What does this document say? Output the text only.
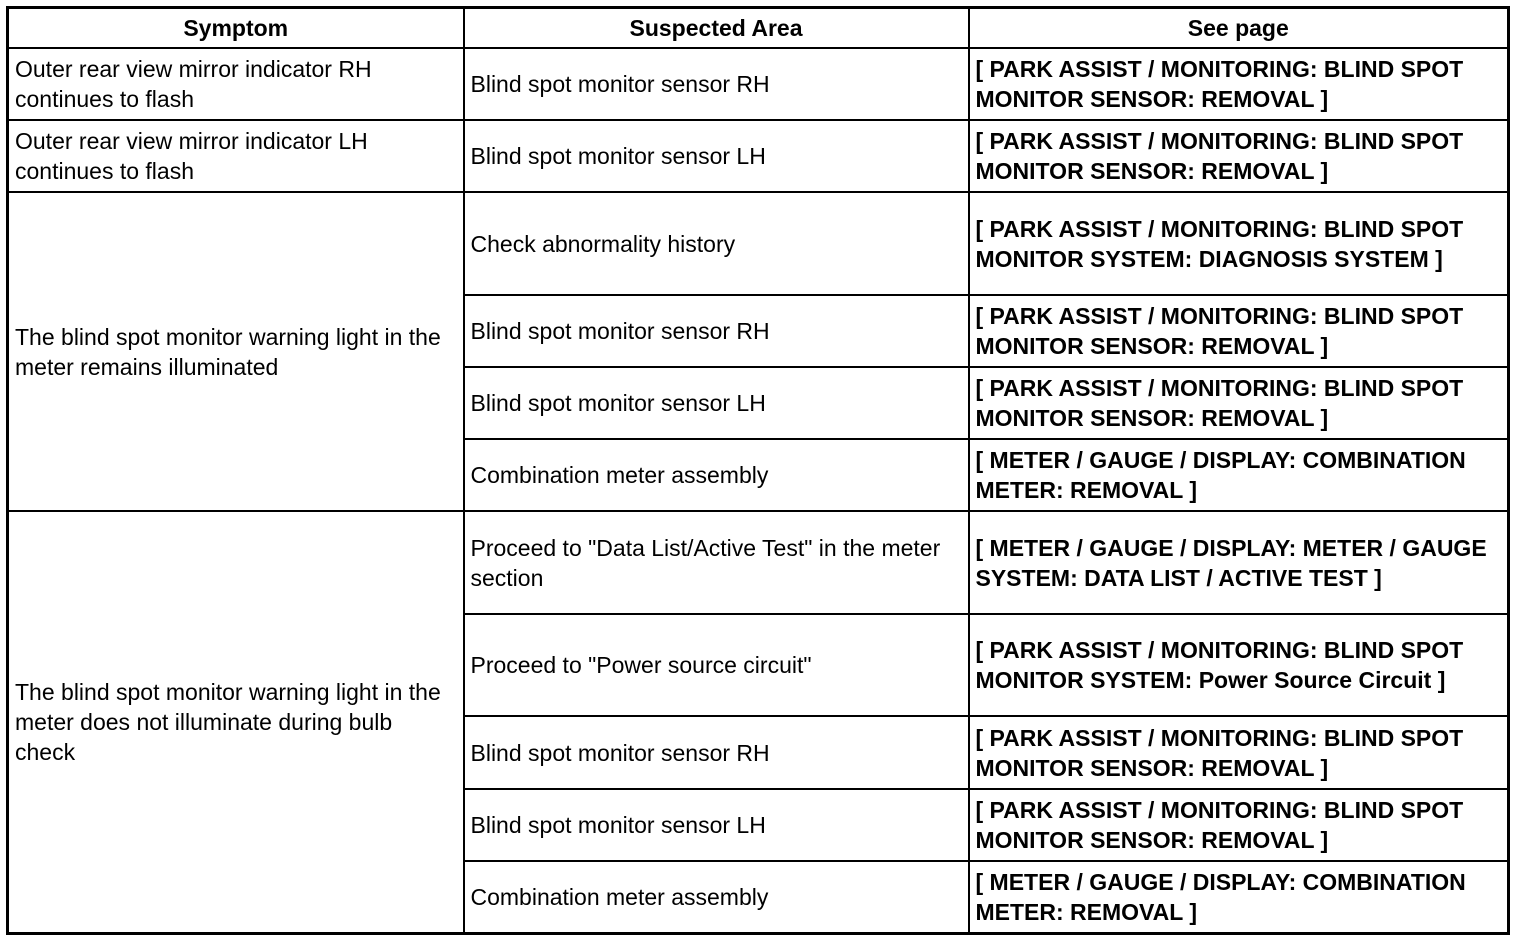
Symptom	Suspected Area	See page
Outer rear view mirror indicator RH continues to flash	Blind spot monitor sensor RH	[ PARK ASSIST / MONITORING: BLIND SPOT MONITOR SENSOR: REMOVAL ]
Outer rear view mirror indicator LH continues to flash	Blind spot monitor sensor LH	[ PARK ASSIST / MONITORING: BLIND SPOT MONITOR SENSOR: REMOVAL ]
The blind spot monitor warning light in the meter remains illuminated	Check abnormality history	[ PARK ASSIST / MONITORING: BLIND SPOT MONITOR SYSTEM: DIAGNOSIS SYSTEM ]
	Blind spot monitor sensor RH	[ PARK ASSIST / MONITORING: BLIND SPOT MONITOR SENSOR: REMOVAL ]
	Blind spot monitor sensor LH	[ PARK ASSIST / MONITORING: BLIND SPOT MONITOR SENSOR: REMOVAL ]
	Combination meter assembly	[ METER / GAUGE / DISPLAY: COMBINATION METER: REMOVAL ]
The blind spot monitor warning light in the meter does not illuminate during bulb check	Proceed to "Data List/Active Test" in the meter section	[ METER / GAUGE / DISPLAY: METER / GAUGE SYSTEM: DATA LIST / ACTIVE TEST ]
	Proceed to "Power source circuit"	[ PARK ASSIST / MONITORING: BLIND SPOT MONITOR SYSTEM: Power Source Circuit ]
	Blind spot monitor sensor RH	[ PARK ASSIST / MONITORING: BLIND SPOT MONITOR SENSOR: REMOVAL ]
	Blind spot monitor sensor LH	[ PARK ASSIST / MONITORING: BLIND SPOT MONITOR SENSOR: REMOVAL ]
	Combination meter assembly	[ METER / GAUGE / DISPLAY: COMBINATION METER: REMOVAL ]
